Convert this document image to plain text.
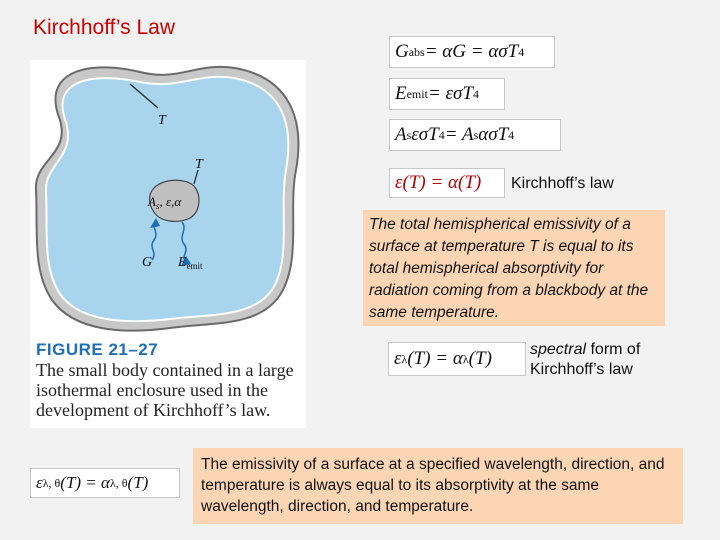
Kirchhoff’s Law
T
T
$A_s$, ε,α
G $E_{emit}$
FIGURE 21–27
The small body contained in a large isothermal enclosure used in the development of Kirchhoff’s law.
G abs = αG = ασT 4
E emit = εσT 4
A s εσT 4 = A s ασT 4
ε(T) = α(T) Kirchhoff’s law
The total hemispherical emissivity of a surface at temperature T is equal to its total hemispherical absorptivity for radiation coming from a blackbody at the same temperature.
ε λ (T) = α λ (T) spectral form of
Kirchhoff’s law
ε λ, θ (T) = α λ, θ (T)
The emissivity of a surface at a specified wavelength, direction, and temperature is always equal to its absorptivity at the same wavelength, direction, and temperature.
